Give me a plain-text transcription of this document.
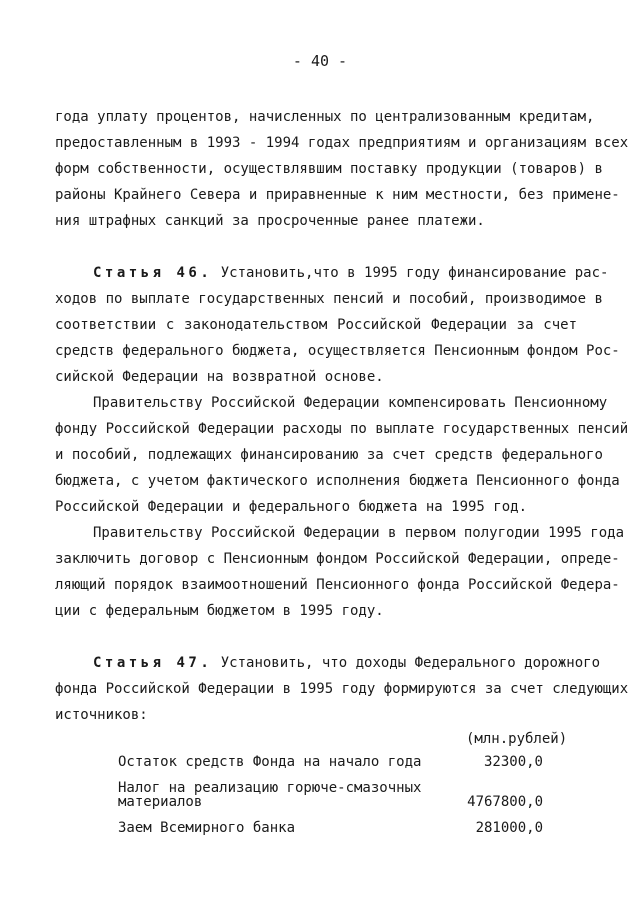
- 40 -
года уплату процентов, начисленных по централизованным кредитам,
предоставленным в 1993 - 1994 годах предприятиям и организациям всех
форм собственности, осуществлявшим поставку продукции (товаров) в
районы Крайнего Севера и приравненные к ним местности, без примене-
ния штрафных санкций за просроченные ранее платежи.
Статья 46. Установить,что в 1995 году финансирование рас-
ходов по выплате государственных пенсий и пособий, производимое в
соответствии с законодательством Российской Федерации за счет
средств федерального бюджета, осуществляется Пенсионным фондом Рос-
сийской Федерации на возвратной основе.
Правительству Российской Федерации компенсировать Пенсионному
фонду Российской Федерации расходы по выплате государственных пенсий
и пособий, подлежащих финансированию за счет средств федерального
бюджета, с учетом фактического исполнения бюджета Пенсионного фонда
Российской Федерации и федерального бюджета на 1995 год.
Правительству Российской Федерации в первом полугодии 1995 года
заключить договор с Пенсионным фондом Российской Федерации, опреде-
ляющий порядок взаимоотношений Пенсионного фонда Российской Федера-
ции с федеральным бюджетом в 1995 году.
Статья 47. Установить, что доходы Федерального дорожного
фонда Российской Федерации в 1995 году формируются за счет следующих
источников:
(млн.рублей)
Остаток средств Фонда на начало года	32300,0
Налог на реализацию горюче-смазочных
материалов	4767800,0
Заем Всемирного банка	281000,0
